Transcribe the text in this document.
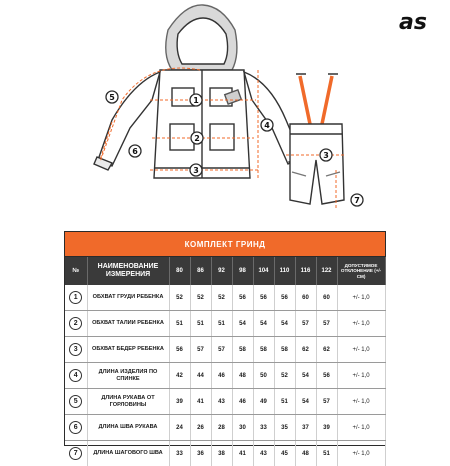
as
1
2
3
4
5
6	3
7
КОМПЛЕКТ ГРИНД										
№	НАИМЕНОВАНИЕ ИЗМЕРЕНИЯ	80	86	92	98	104	110	116	122	ДОПУСТИМОЕ ОТКЛОНЕНИЕ (+/-СМ)
1	ОБХВАТ ГРУДИ РЕБЕНКА	52	52	52	56	56	56	60	60	+/- 1,0
2	ОБХВАТ ТАЛИИ РЕБЕНКА	51	51	51	54	54	54	57	57	+/- 1,0
3	ОБХВАТ БЕДЕР РЕБЕНКА	56	57	57	58	58	58	62	62	+/- 1,0
4	ДЛИНА ИЗДЕЛИЯ ПО СПИНКЕ	42	44	46	48	50	52	54	56	+/- 1,0
5	ДЛИНА РУКАВА ОТ ГОРЛОВИНЫ	39	41	43	46	49	51	54	57	+/- 1,0
6	ДЛИНА ШВА РУКАВА	24	26	28	30	33	35	37	39	+/- 1,0
7	ДЛИНА ШАГОВОГО ШВА	33	36	38	41	43	45	48	51	+/- 1,0
